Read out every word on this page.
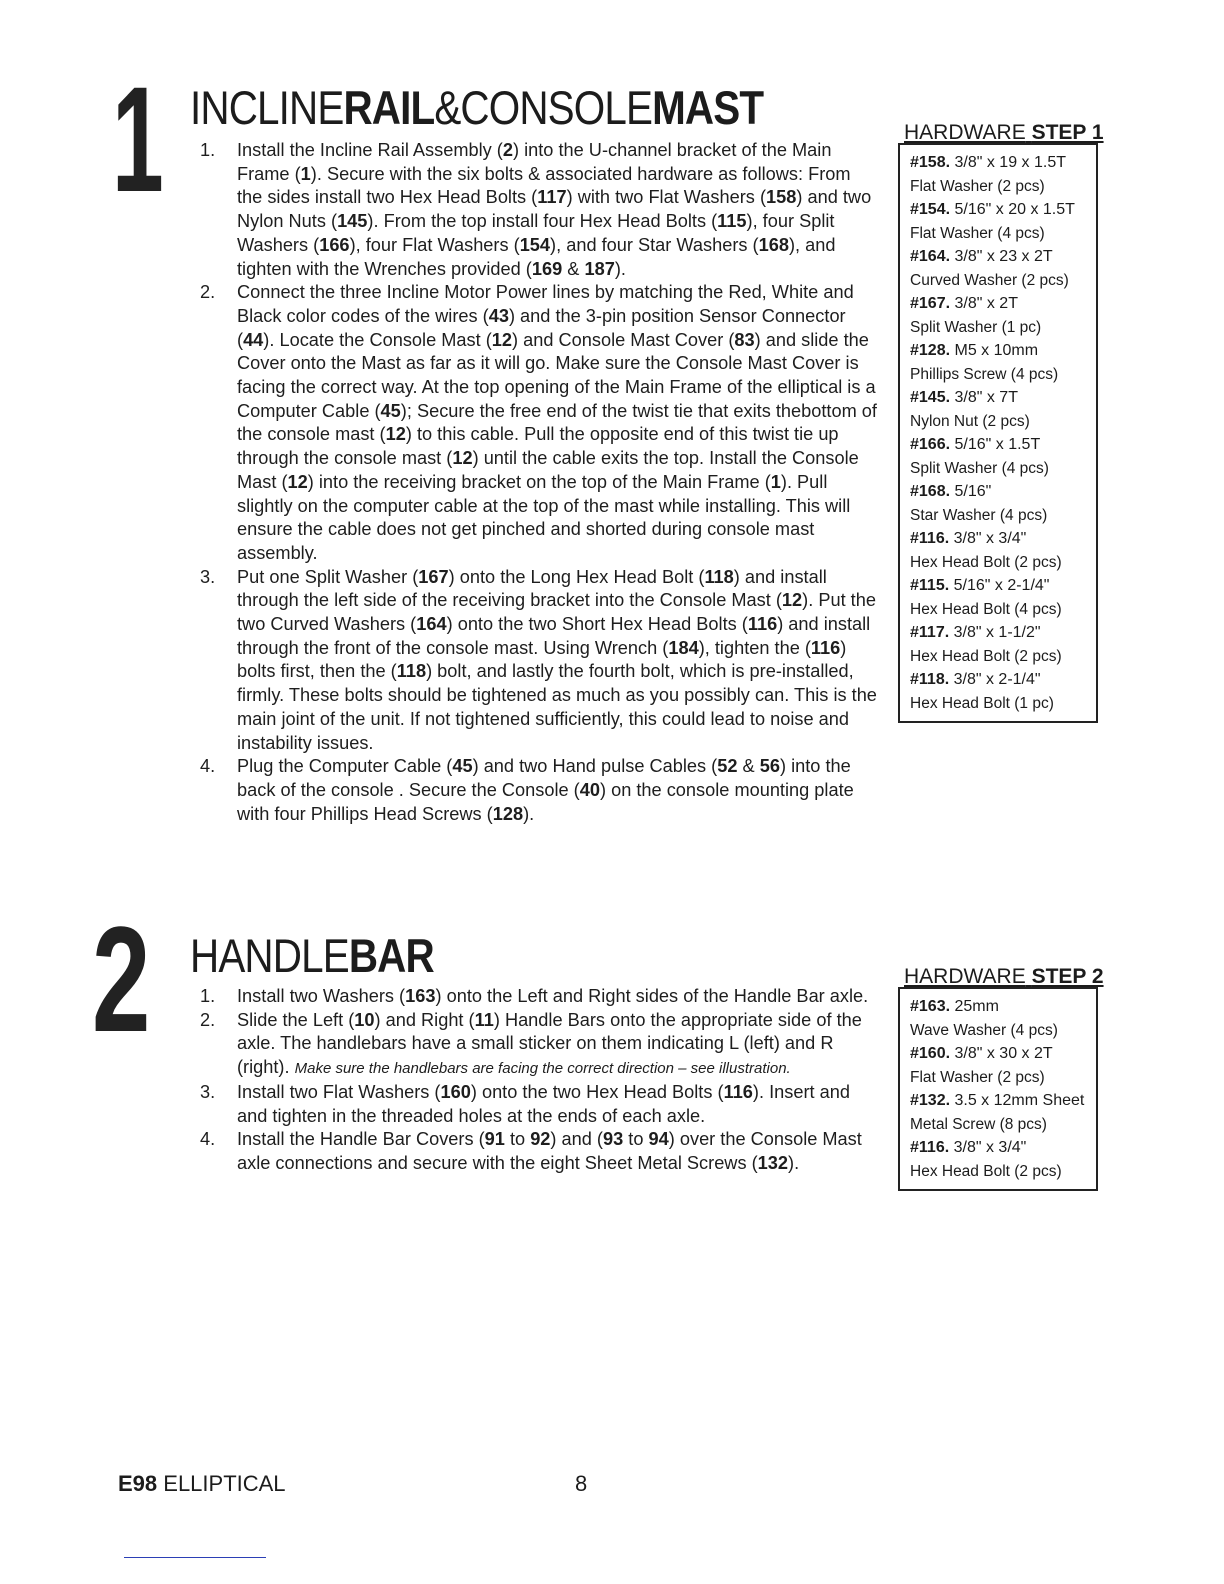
1 INCLINERAIL&CONSOLEMAST
1. Install the Incline Rail Assembly (2) into the U-channel bracket of the Main Frame (1). Secure with the six bolts & associated hardware as follows: From the sides install two Hex Head Bolts (117) with two Flat Washers (158) and two Nylon Nuts (145). From the top install four Hex Head Bolts (115), four Split Washers (166), four Flat Washers (154), and four Star Washers (168), and tighten with the Wrenches provided (169 & 187).
2. Connect the three Incline Motor Power lines by matching the Red, White and Black color codes of the wires (43) and the 3-pin position Sensor Connector (44). Locate the Console Mast (12) and Console Mast Cover (83) and slide the Cover onto the Mast as far as it will go. Make sure the Console Mast Cover is facing the correct way. At the top opening of the Main Frame of the elliptical is a Computer Cable (45); Secure the free end of the twist tie that exits thebottom of the console mast (12) to this cable. Pull the opposite end of this twist tie up through the console mast (12) until the cable exits the top. Install the Console Mast (12) into the receiving bracket on the top of the Main Frame (1). Pull slightly on the computer cable at the top of the mast while installing. This will ensure the cable does not get pinched and shorted during console mast assembly.
3. Put one Split Washer (167) onto the Long Hex Head Bolt (118) and install through the left side of the receiving bracket into the Console Mast (12). Put the two Curved Washers (164) onto the two Short Hex Head Bolts (116) and install through the front of the console mast. Using Wrench (184), tighten the (116) bolts first, then the (118) bolt, and lastly the fourth bolt, which is pre-installed, firmly. These bolts should be tightened as much as you possibly can. This is the main joint of the unit. If not tightened sufficiently, this could lead to noise and instability issues.
4. Plug the Computer Cable (45) and two Hand pulse Cables (52 & 56) into the back of the console . Secure the Console (40) on the console mounting plate with four Phillips Head Screws (128).
HARDWARE STEP 1
#158. 3/8" x 19 x 1.5T
Flat Washer (2 pcs)
#154. 5/16" x 20 x 1.5T
Flat Washer (4 pcs)
#164. 3/8" x 23 x 2T
Curved Washer (2 pcs)
#167. 3/8" x 2T
Split Washer (1 pc)
#128. M5 x 10mm
Phillips Screw (4 pcs)
#145. 3/8" x 7T
Nylon Nut (2 pcs)
#166. 5/16" x 1.5T
Split Washer (4 pcs)
#168. 5/16"
Star Washer (4 pcs)
#116. 3/8" x 3/4"
Hex Head Bolt (2 pcs)
#115. 5/16" x 2-1/4"
Hex Head Bolt (4 pcs)
#117. 3/8" x 1-1/2"
Hex Head Bolt (2 pcs)
#118. 3/8" x 2-1/4"
Hex Head Bolt (1 pc)
2 HANDLEBAR
1. Install two Washers (163) onto the Left and Right sides of the Handle Bar axle.
2. Slide the Left (10) and Right (11) Handle Bars onto the appropriate side of the axle. The handlebars have a small sticker on them indicating L (left) and R (right). Make sure the handlebars are facing the correct direction – see illustration.
3. Install two Flat Washers (160) onto the two Hex Head Bolts (116). Insert and and tighten in the threaded holes at the ends of each axle.
4. Install the Handle Bar Covers (91 to 92) and (93 to 94) over the Console Mast axle connections and secure with the eight Sheet Metal Screws (132).
HARDWARE STEP 2
#163. 25mm
Wave Washer (4 pcs)
#160. 3/8" x 30 x 2T
Flat Washer (2 pcs)
#132. 3.5 x 12mm Sheet
Metal Screw (8 pcs)
#116. 3/8" x 3/4"
Hex Head Bolt (2 pcs)
E98 ELLIPTICAL	8
